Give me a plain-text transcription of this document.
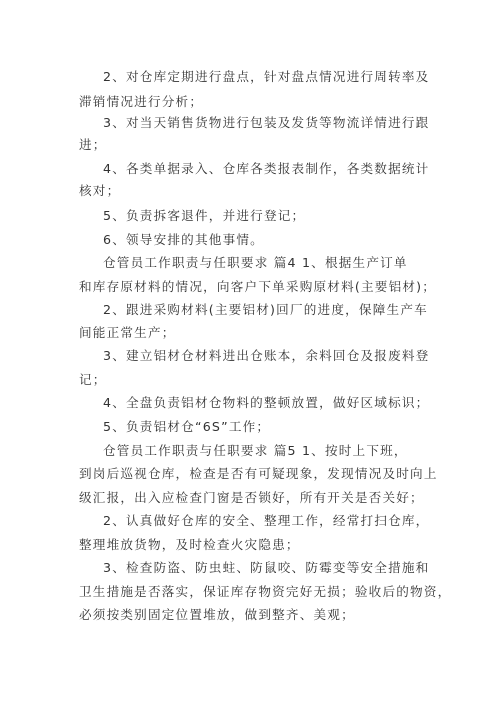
2、对仓库定期进行盘点，针对盘点情况进行周转率及
滞销情况进行分析；
3、对当天销售货物进行包装及发货等物流详情进行跟
进；
4、各类单据录入、仓库各类报表制作，各类数据统计
核对；
5、负责拆客退件，并进行登记；
6、领导安排的其他事情。
仓管员工作职责与任职要求 篇4 1、根据生产订单
和库存原材料的情况，向客户下单采购原材料(主要铝材)；
2、跟进采购材料(主要铝材)回厂的进度，保障生产车
间能正常生产；
3、建立铝材仓材料进出仓账本，余料回仓及报废料登
记；
4、全盘负责铝材仓物料的整顿放置，做好区域标识；
5、负责铝材仓“6S”工作；
仓管员工作职责与任职要求 篇5 1、按时上下班，
到岗后巡视仓库，检查是否有可疑现象，发现情况及时向上
级汇报，出入应检查门窗是否锁好，所有开关是否关好；
2、认真做好仓库的安全、整理工作，经常打扫仓库，
整理堆放货物，及时检查火灾隐患；
3、检查防盗、防虫蛀、防鼠咬、防霉变等安全措施和
卫生措施是否落实，保证库存物资完好无损；验收后的物资，
必须按类别固定位置堆放，做到整齐、美观；
